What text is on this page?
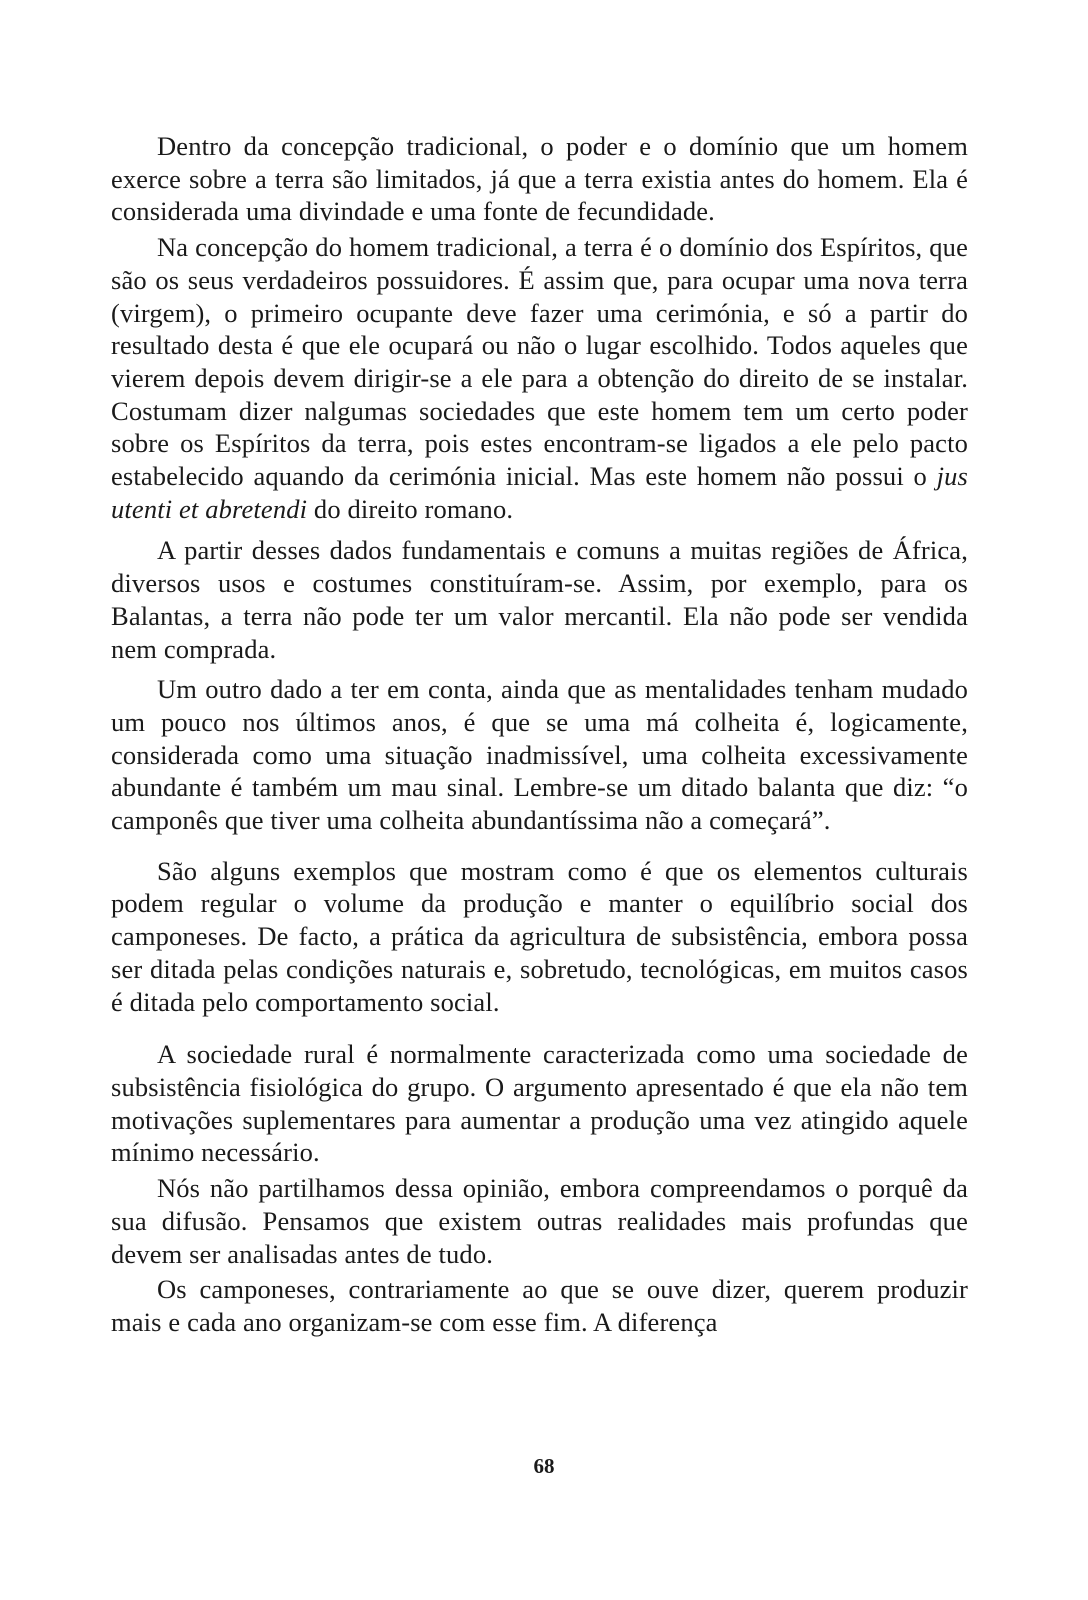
Dentro da concepção tradicional, o poder e o domínio que um homem exerce sobre a terra são limitados, já que a terra existia antes do homem. Ela é considerada uma divindade e uma fonte de fecundidade.

Na concepção do homem tradicional, a terra é o domínio dos Espíritos, que são os seus verdadeiros possuidores. É assim que, para ocupar uma nova terra (virgem), o primeiro ocupante deve fazer uma cerimónia, e só a partir do resultado desta é que ele ocupará ou não o lugar escolhido. Todos aqueles que vierem depois devem dirigir-se a ele para a obtenção do direito de se instalar. Costumam dizer nalgumas sociedades que este homem tem um certo poder sobre os Espíritos da terra, pois estes encontram-se ligados a ele pelo pacto estabelecido aquando da cerimónia inicial. Mas este homem não possui o jus utenti et abretendi do direito romano.

A partir desses dados fundamentais e comuns a muitas regiões de África, diversos usos e costumes constituíram-se. Assim, por exemplo, para os Balantas, a terra não pode ter um valor mercantil. Ela não pode ser vendida nem comprada.

Um outro dado a ter em conta, ainda que as mentalidades tenham mudado um pouco nos últimos anos, é que se uma má colheita é, logicamente, considerada como uma situação inadmissível, uma colheita excessivamente abundante é também um mau sinal. Lembre-se um ditado balanta que diz: “o camponês que tiver uma colheita abundantíssima não a começará”.

São alguns exemplos que mostram como é que os elementos culturais podem regular o volume da produção e manter o equilíbrio social dos camponeses. De facto, a prática da agricultura de subsistência, embora possa ser ditada pelas condições naturais e, sobretudo, tecnológicas, em muitos casos é ditada pelo comportamento social.

A sociedade rural é normalmente caracterizada como uma sociedade de subsistência fisiológica do grupo. O argumento apresentado é que ela não tem motivações suplementares para aumentar a produção uma vez atingido aquele mínimo necessário.

Nós não partilhamos dessa opinião, embora compreendamos o porquê da sua difusão. Pensamos que existem outras realidades mais profundas que devem ser analisadas antes de tudo.

Os camponeses, contrariamente ao que se ouve dizer, querem produzir mais e cada ano organizam-se com esse fim. A diferença

68
